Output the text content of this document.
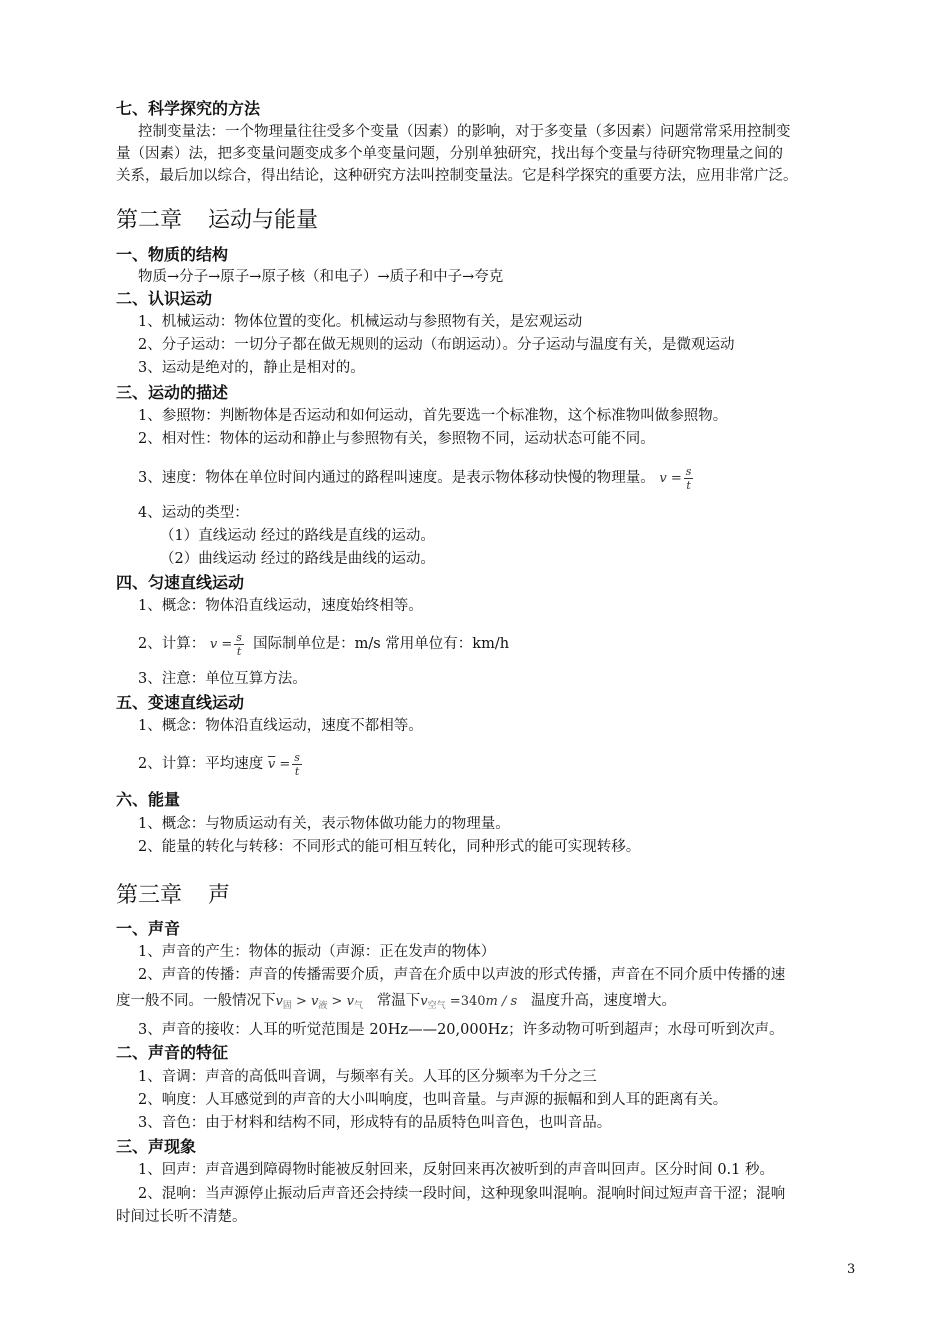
七、科学探究的方法
控制变量法：一个物理量往往受多个变量（因素）的影响，对于多变量（多因素）问题常常采用控制变
量（因素）法，把多变量问题变成多个单变量问题，分别单独研究，找出每个变量与待研究物理量之间的
关系，最后加以综合，得出结论，这种研究方法叫控制变量法。它是科学探究的重要方法，应用非常广泛。
第二章 运动与能量
一、物质的结构
物质→分子→原子→原子核（和电子）→质子和中子→夸克
二、认识运动
1、机械运动：物体位置的变化。机械运动与参照物有关，是宏观运动
2、分子运动：一切分子都在做无规则的运动（布朗运动）。分子运动与温度有关，是微观运动
3、运动是绝对的，静止是相对的。
三、运动的描述
1、参照物：判断物体是否运动和如何运动，首先要选一个标准物，这个标准物叫做参照物。
2、相对性：物体的运动和静止与参照物有关，参照物不同，运动状态可能不同。
3、速度：物体在单位时间内通过的路程叫速度。是表示物体移动快慢的物理量。 $v = \frac{s}{t}$
4、运动的类型：
（1）直线运动 经过的路线是直线的运动。
（2）曲线运动 经过的路线是曲线的运动。
四、匀速直线运动
1、概念：物体沿直线运动，速度始终相等。
2、计算： $v = \frac{s}{t}$ 国际制单位是：m/s 常用单位有：km/h
3、注意：单位互算方法。
五、变速直线运动
1、概念：物体沿直线运动，速度不都相等。
2、计算：平均速度 $\overline{v} = \frac{s}{t}$
六、能量
1、概念：与物质运动有关，表示物体做功能力的物理量。
2、能量的转化与转移：不同形式的能可相互转化，同种形式的能可实现转移。
第三章 声
一、声音
1、声音的产生：物体的振动（声源：正在发声的物体）
2、声音的传播：声音的传播需要介质，声音在介质中以声波的形式传播，声音在不同介质中传播的速
度一般不同。一般情况下$v_固 > v_液 > v_气$ 常温下$v_{空气} =340m / s$ 温度升高，速度增大。
3、声音的接收：人耳的听觉范围是 20Hz——20,000Hz；许多动物可听到超声；水母可听到次声。
二、声音的特征
1、音调：声音的高低叫音调，与频率有关。人耳的区分频率为千分之三
2、响度：人耳感觉到的声音的大小叫响度，也叫音量。与声源的振幅和到人耳的距离有关。
3、音色：由于材料和结构不同，形成特有的品质特色叫音色，也叫音品。
三、声现象
1、回声：声音遇到障碍物时能被反射回来，反射回来再次被听到的声音叫回声。区分时间 0.1 秒。
2、混响：当声源停止振动后声音还会持续一段时间，这种现象叫混响。混响时间过短声音干涩；混响
时间过长听不清楚。
3
